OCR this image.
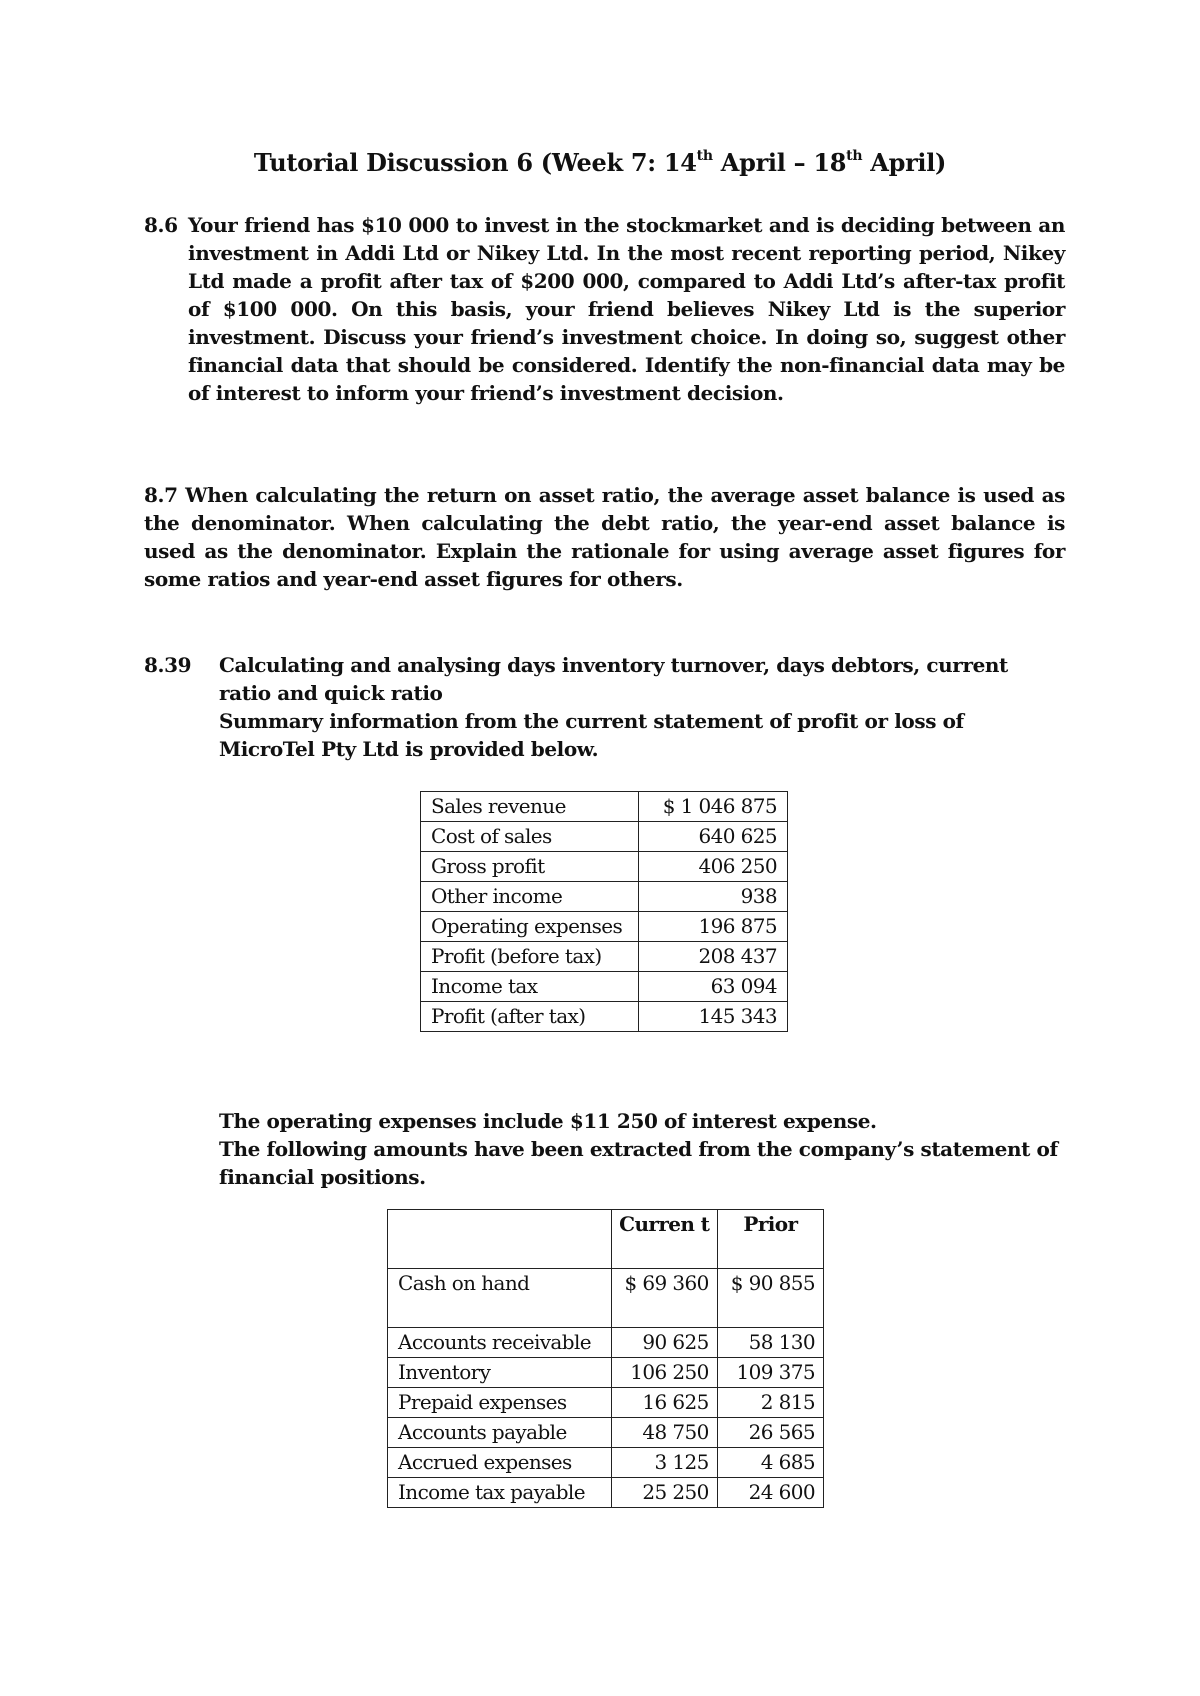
Tutorial Discussion 6 (Week 7: 14th April – 18th April)
8.6 Your friend has $10 000 to invest in the stockmarket and is deciding between an investment in Addi Ltd or Nikey Ltd. In the most recent reporting period, Nikey Ltd made a profit after tax of $200 000, compared to Addi Ltd’s after-tax profit of $100 000. On this basis, your friend believes Nikey Ltd is the superior investment. Discuss your friend’s investment choice. In doing so, suggest other financial data that should be considered. Identify the non-financial data may be of interest to inform your friend’s investment decision.
8.7 When calculating the return on asset ratio, the average asset balance is used as the denominator. When calculating the debt ratio, the year-end asset balance is used as the denominator. Explain the rationale for using average asset figures for some ratios and year-end asset figures for others.
8.39 Calculating and analysing days inventory turnover, days debtors, current ratio and quick ratio
Summary information from the current statement of profit or loss of MicroTel Pty Ltd is provided below.
Sales revenue	$ 1 046 875
Cost of sales	640 625
Gross profit	406 250
Other income	938
Operating expenses	196 875
Profit (before tax)	208 437
Income tax	63 094
Profit (after tax)	145 343
The operating expenses include $11 250 of interest expense.
The following amounts have been extracted from the company’s statement of financial positions.
	Curren t	Prior
Cash on hand	$ 69 360	$ 90 855
Accounts receivable	90 625	58 130
Inventory	106 250	109 375
Prepaid expenses	16 625	2 815
Accounts payable	48 750	26 565
Accrued expenses	3 125	4 685
Income tax payable	25 250	24 600
